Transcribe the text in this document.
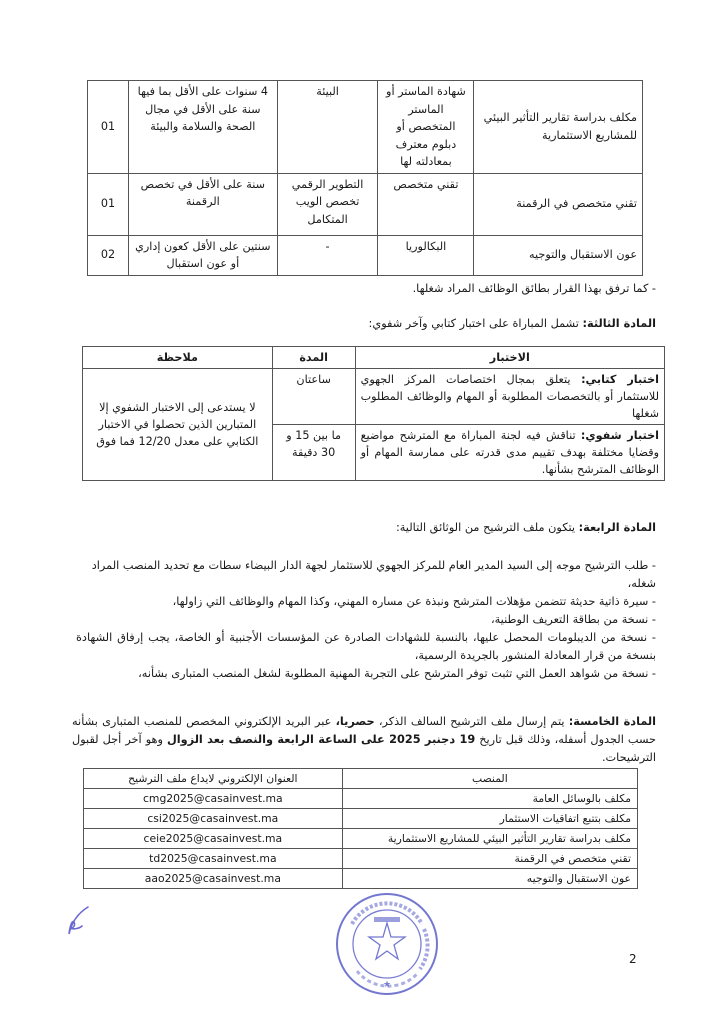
مكلف بدراسة تقارير التأثير البيئي للمشاريع الاستثمارية	شهادة الماستر أو الماستر المتخصص أو دبلوم معترف بمعادلته لها	البيئة	4 سنوات على الأقل بما فيها سنة على الأقل في مجال الصحة والسلامة والبيئة	01
تقني متخصص في الرقمنة	تقني متخصص	التطوير الرقمي تخصص الويب المتكامل	سنة على الأقل في تخصص الرقمنة	01
عون الاستقبال والتوجيه	البكالوريا	-	سنتين على الأقل كعون إداري أو عون استقبال	02
- كما ترفق بهذا القرار بطائق الوظائف المراد شغلها.
المادة الثالثة: تشمل المباراة على اختبار كتابي وآخر شفوي:
الاختبار	المدة	ملاحظة
اختبار كتابي: يتعلق بمجال اختصاصات المركز الجهوي للاستثمار أو بالتخصصات المطلوبة أو المهام والوظائف المطلوب شغلها	ساعتان	لا يستدعى إلى الاختبار الشفوي إلا المتبارين الذين تحصلوا في الاختبار الكتابي على معدل 12/20 فما فوق
اختبار شفوي: تناقش فيه لجنة المباراة مع المترشح مواضيع وقضايا مختلفة بهدف تقييم مدى قدرته على ممارسة المهام أو الوظائف المترشح بشأنها.	ما بين 15 و 30 دقيقة	
المادة الرابعة: يتكون ملف الترشيح من الوثائق التالية:
- طلب الترشيح موجه إلى السيد المدير العام للمركز الجهوي للاستثمار لجهة الدار البيضاء سطات مع تحديد المنصب المراد شغله،
- سيرة ذاتية حديثة تتضمن مؤهلات المترشح ونبذة عن مساره المهني، وكذا المهام والوظائف التي زاولها،
- نسخة من بطاقة التعريف الوطنية،
- نسخة من الديبلومات المحصل عليها، بالنسبة للشهادات الصادرة عن المؤسسات الأجنبية أو الخاصة، يجب إرفاق الشهادة بنسخة من قرار المعادلة المنشور بالجريدة الرسمية،
- نسخة من شواهد العمل التي تثبت توفر المترشح على التجربة المهنية المطلوبة لشغل المنصب المتبارى بشأنه،
المادة الخامسة: يتم إرسال ملف الترشيح السالف الذكر، حصريا، عبر البريد الإلكتروني المخصص للمنصب المتبارى بشأنه حسب الجدول أسفله، وذلك قبل تاريخ 19 دجنبر 2025 على الساعة الرابعة والنصف بعد الزوال وهو آخر أجل لقبول الترشيحات.
المنصب	العنوان الإلكتروني لايداع ملف الترشيح
مكلف بالوسائل العامة	cmg2025@casainvest.ma
مكلف بتتبع اتفاقيات الاستثمار	csi2025@casainvest.ma
مكلف بدراسة تقارير التأثير البيئي للمشاريع الاستثمارية	ceie2025@casainvest.ma
تقني متخصص في الرقمنة	td2025@casainvest.ma
عون الاستقبال والتوجيه	aao2025@casainvest.ma
★
2
